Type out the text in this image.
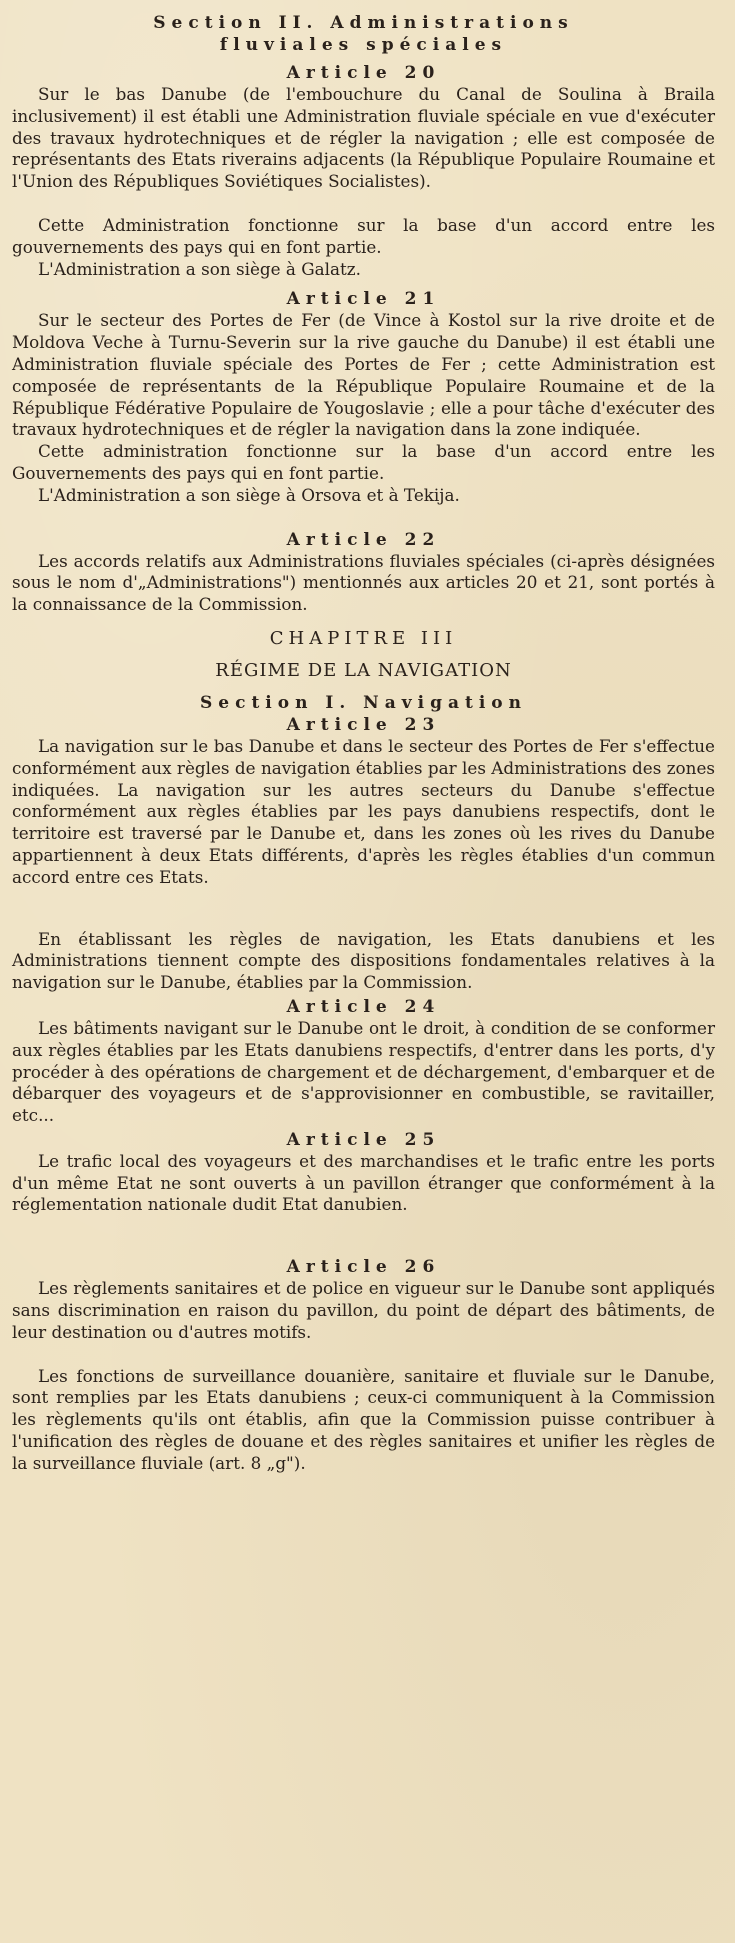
Section II. Administrations

fluviales spéciales

Article 20

Sur le bas Danube (de l'embouchure du Canal de Soulina à Braila inclusivement) il est établi une Administration fluviale spéciale en vue d'exécuter des travaux hydrotechniques et de régler la navigation ; elle est composée de représentants des Etats riverains adjacents (la République Populaire Roumaine et l'Union des Républiques Soviétiques Socialistes).

Cette Administration fonctionne sur la base d'un accord entre les gouvernements des pays qui en font partie.

L'Administration a son siège à Galatz.

Article 21

Sur le secteur des Portes de Fer (de Vince à Kostol sur la rive droite et de Moldova Veche à Turnu-Severin sur la rive gauche du Danube) il est établi une Administration fluviale spéciale des Portes de Fer ; cette Administration est composée de représentants de la République Populaire Roumaine et de la République Fédérative Populaire de Yougoslavie ; elle a pour tâche d'exécuter des travaux hydrotechniques et de régler la navigation dans la zone indiquée.

Cette administration fonctionne sur la base d'un accord entre les Gouvernements des pays qui en font partie.

L'Administration a son siège à Orsova et à Tekija.

Article 22

Les accords relatifs aux Administrations fluviales spéciales (ci-après désignées sous le nom d'„Administrations") mentionnés aux articles 20 et 21, sont portés à la connaissance de la Commission.

CHAPITRE III

RÉGIME DE LA NAVIGATION

Section I. Navigation

Article 23

La navigation sur le bas Danube et dans le secteur des Portes de Fer s'effectue conformément aux règles de navigation établies par les Administrations des zones indiquées. La navigation sur les autres secteurs du Danube s'effectue conformément aux règles établies par les pays danubiens respectifs, dont le territoire est traversé par le Danube et, dans les zones où les rives du Danube appartiennent à deux Etats différents, d'après les règles établies d'un commun accord entre ces Etats.

En établissant les règles de navigation, les Etats danubiens et les Administrations tiennent compte des dispositions fondamentales relatives à la navigation sur le Danube, établies par la Commission.

Article 24

Les bâtiments navigant sur le Danube ont le droit, à condition de se conformer aux règles établies par les Etats danubiens respectifs, d'entrer dans les ports, d'y procéder à des opérations de chargement et de déchargement, d'embarquer et de débarquer des voyageurs et de s'approvisionner en combustible, se ravitailler, etc...

Article 25

Le trafic local des voyageurs et des marchandises et le trafic entre les ports d'un même Etat ne sont ouverts à un pavillon étranger que conformément à la réglementation nationale dudit Etat danubien.

Article 26

Les règlements sanitaires et de police en vigueur sur le Danube sont appliqués sans discrimination en raison du pavillon, du point de départ des bâtiments, de leur destination ou d'autres motifs.

Les fonctions de surveillance douanière, sanitaire et fluviale sur le Danube, sont remplies par les Etats danubiens ; ceux-ci communiquent à la Commission les règlements qu'ils ont établis, afin que la Commission puisse contribuer à l'unification des règles de douane et des règles sanitaires et unifier les règles de la surveillance fluviale (art. 8 „g").
